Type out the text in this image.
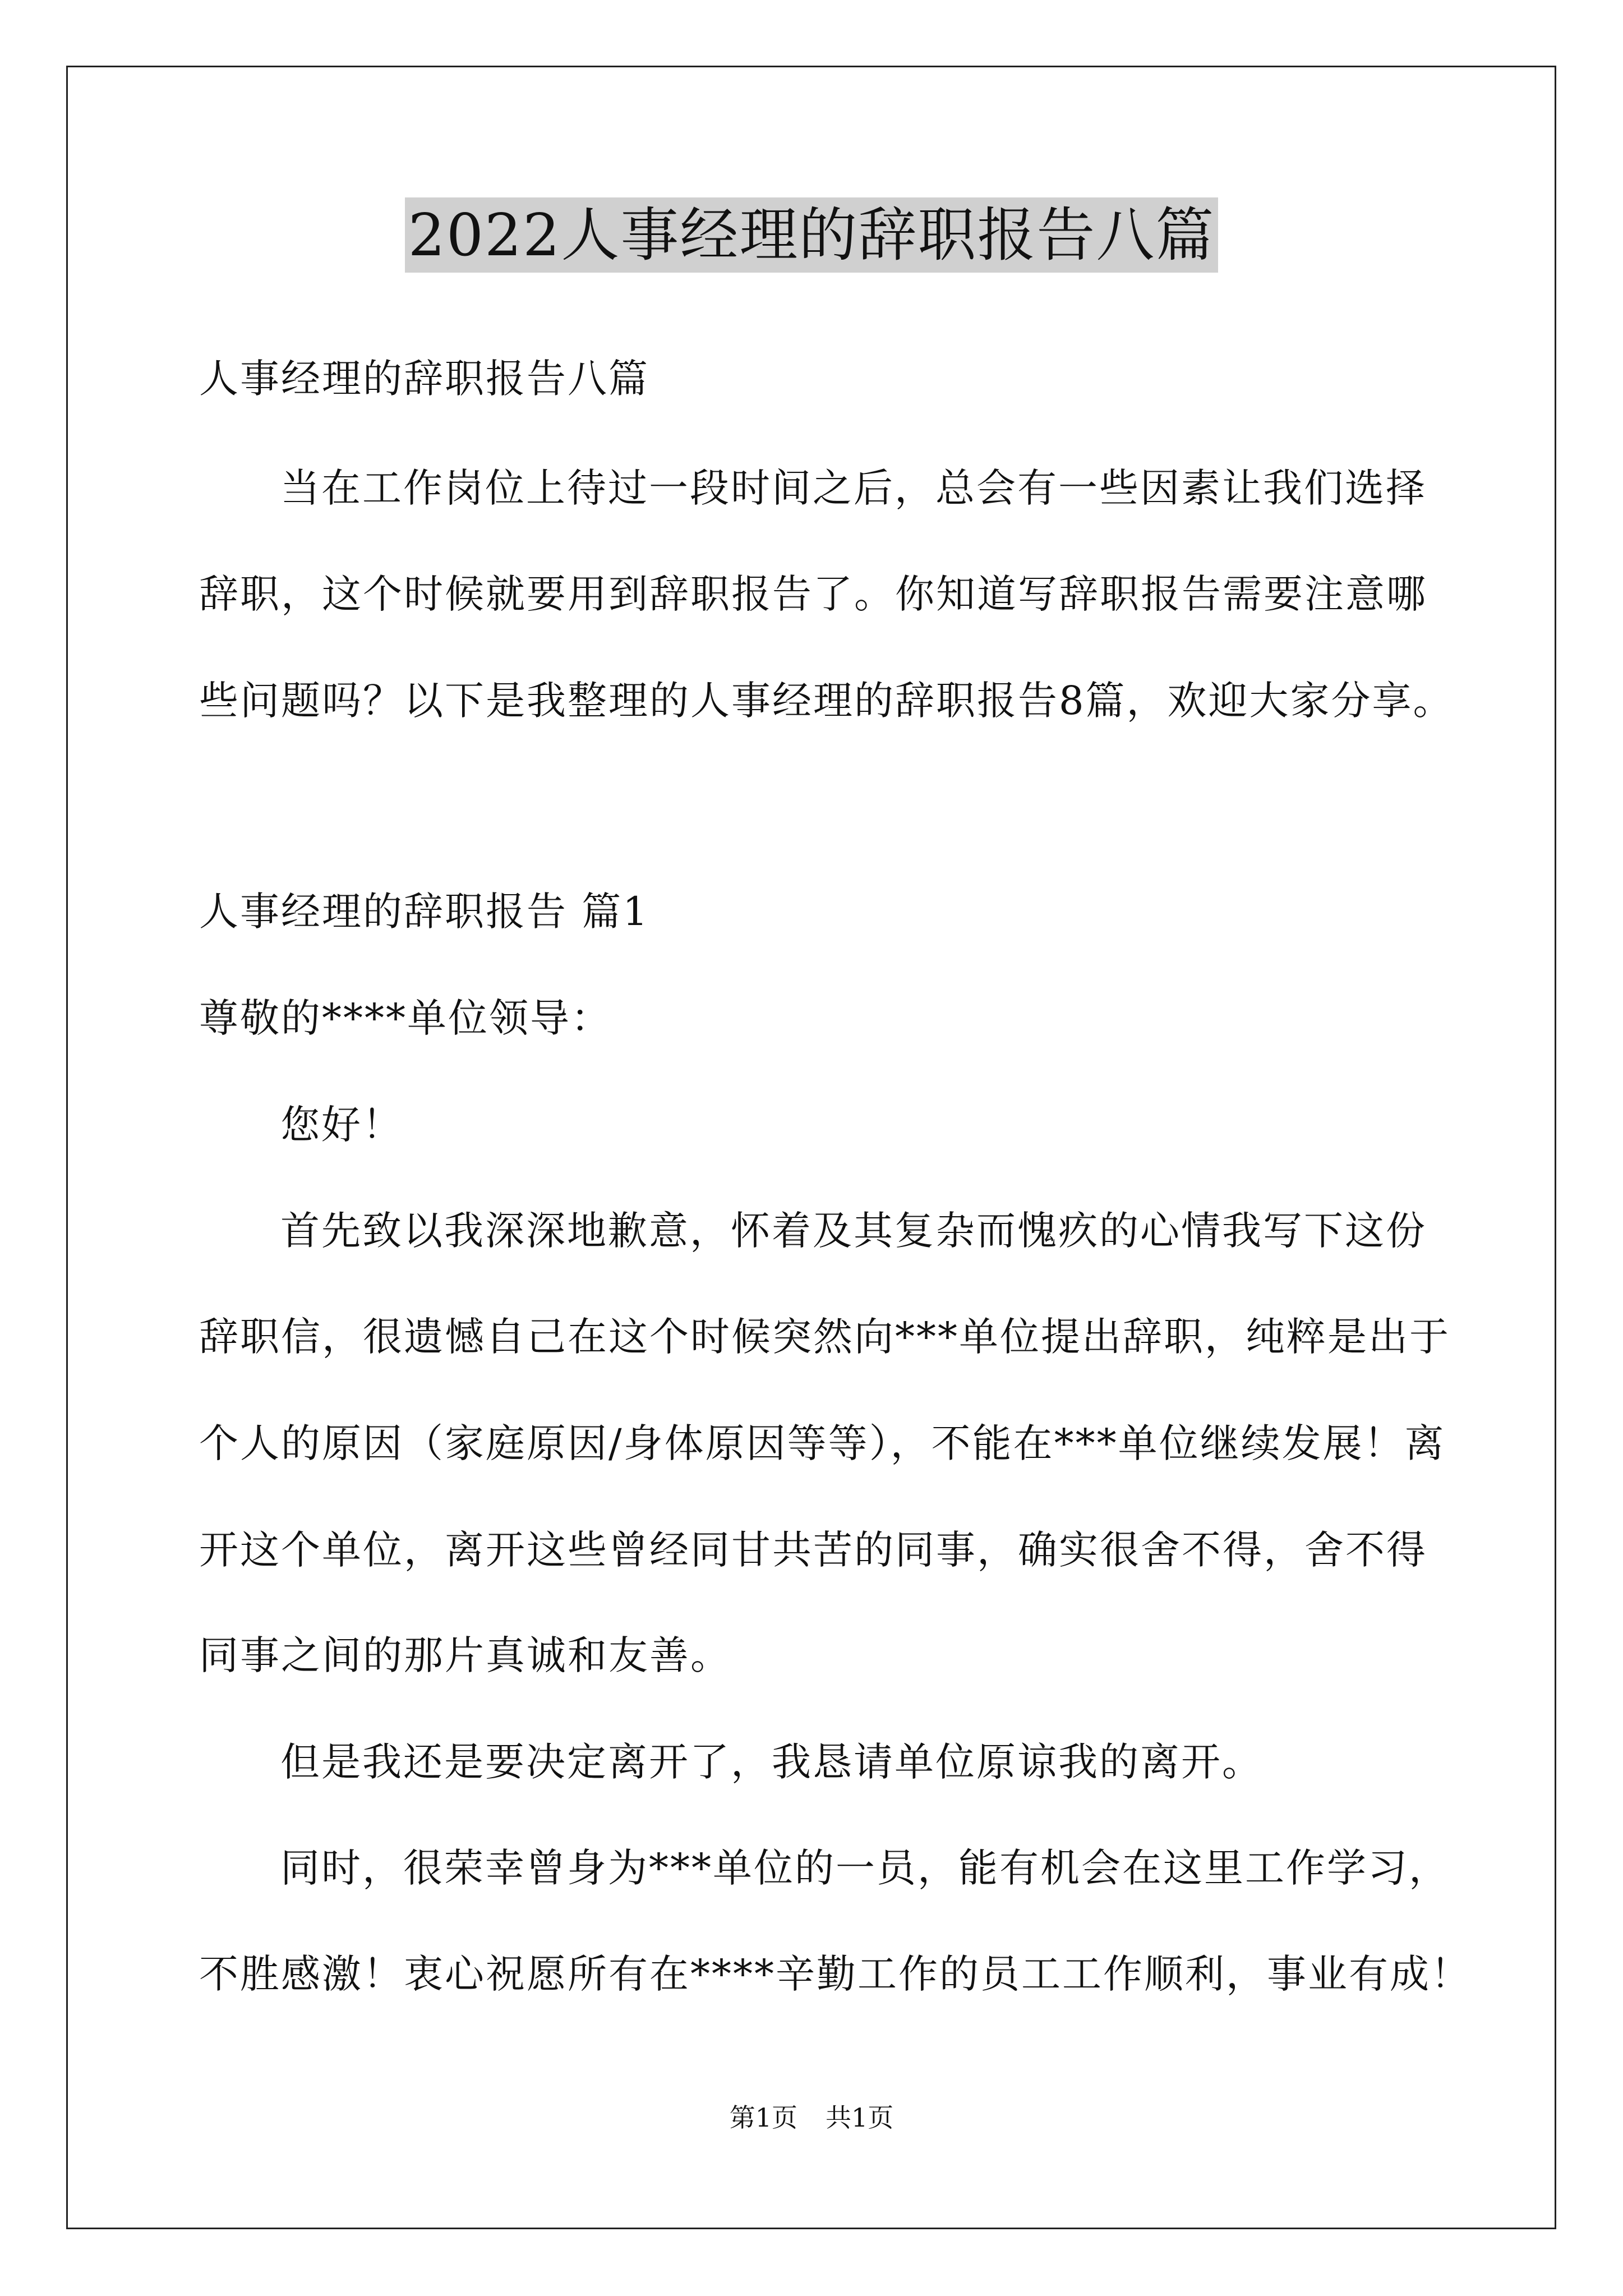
2022人事经理的辞职报告八篇
人事经理的辞职报告八篇
当在工作岗位上待过一段时间之后，总会有一些因素让我们选择
辞职，这个时候就要用到辞职报告了。你知道写辞职报告需要注意哪
些问题吗？以下是我整理的人事经理的辞职报告8篇，欢迎大家分享。
人事经理的辞职报告 篇1
尊敬的****单位领导：
您好！
首先致以我深深地歉意，怀着及其复杂而愧疚的心情我写下这份
辞职信，很遗憾自己在这个时候突然向***单位提出辞职，纯粹是出于
个人的原因（家庭原因/身体原因等等），不能在***单位继续发展！离
开这个单位，离开这些曾经同甘共苦的同事，确实很舍不得，舍不得
同事之间的那片真诚和友善。
但是我还是要决定离开了，我恳请单位原谅我的离开。
同时，很荣幸曾身为***单位的一员，能有机会在这里工作学习，
不胜感激！衷心祝愿所有在****辛勤工作的员工工作顺利，事业有成！
第1页 共1页
